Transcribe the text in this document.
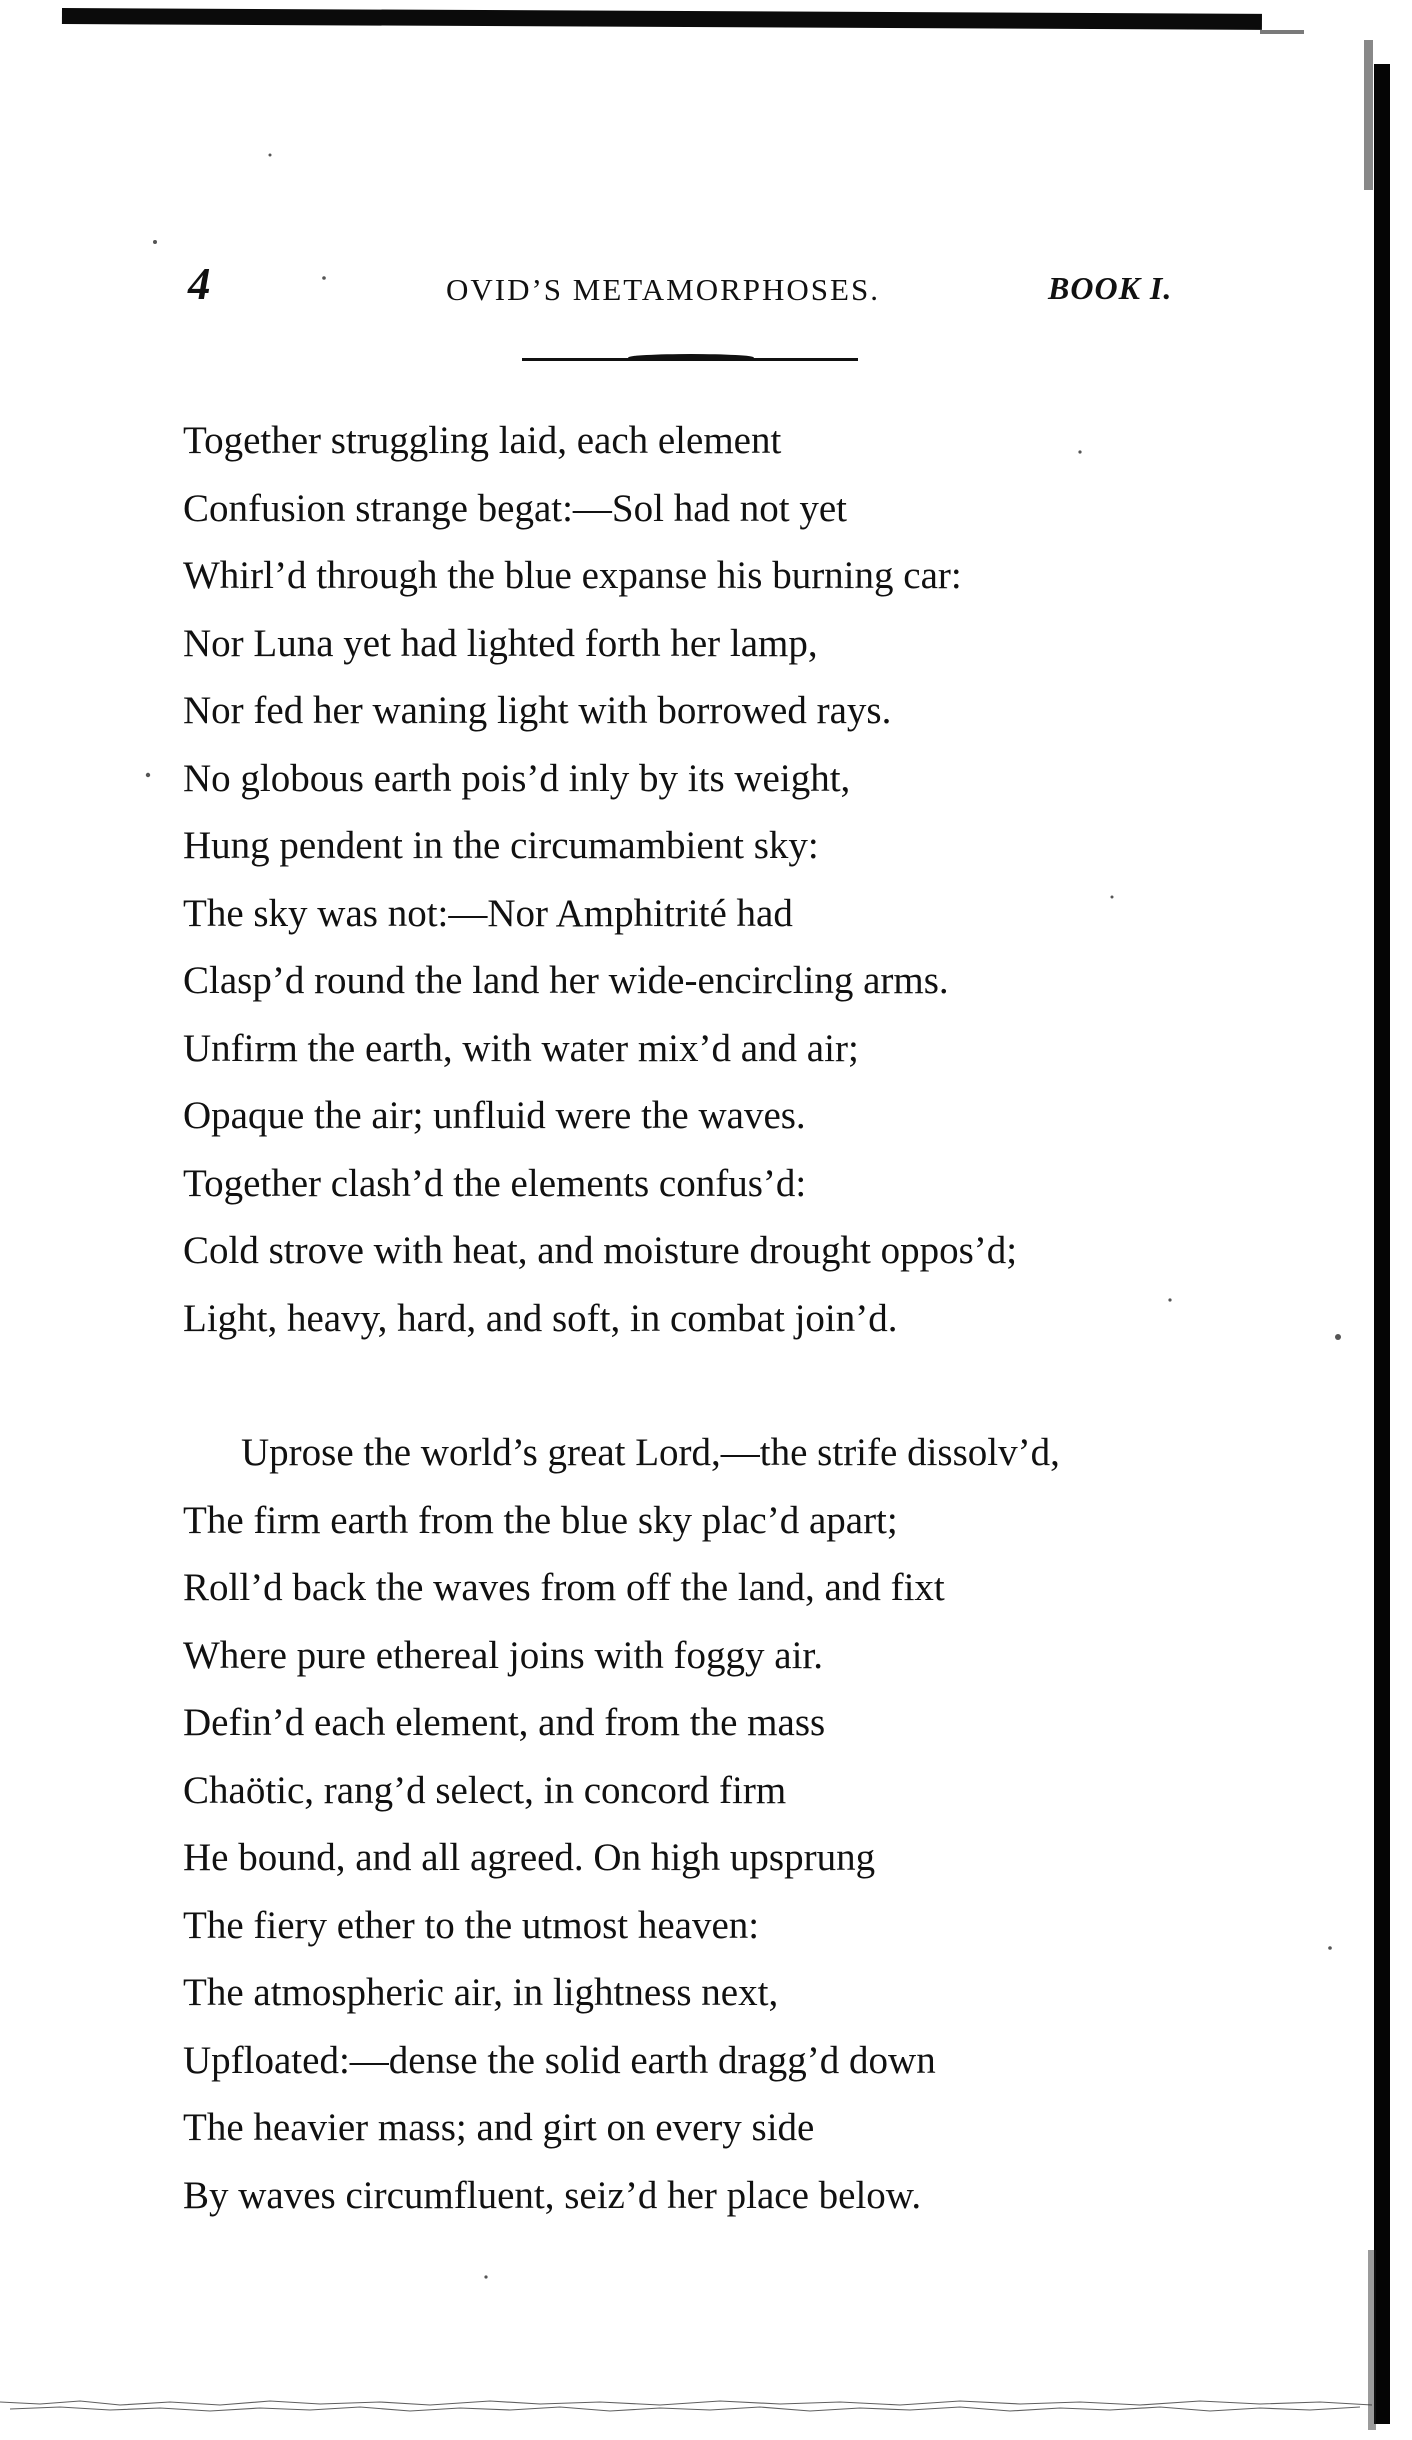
4	OVID’S METAMORPHOSES.	BOOK I.
Together struggling laid, each element
Confusion strange begat:—Sol had not yet
Whirl’d through the blue expanse his burning car:
Nor Luna yet had lighted forth her lamp,
Nor fed her waning light with borrowed rays.
No globous earth pois’d inly by its weight,
Hung pendent in the circumambient sky:
The sky was not:—Nor Amphitrité had
Clasp’d round the land her wide-encircling arms.
Unfirm the earth, with water mix’d and air;
Opaque the air; unfluid were the waves.
Together clash’d the elements confus’d:
Cold strove with heat, and moisture drought oppos’d;
Light, heavy, hard, and soft, in combat join’d.
Uprose the world’s great Lord,—the strife dissolv’d,
The firm earth from the blue sky plac’d apart;
Roll’d back the waves from off the land, and fixt
Where pure ethereal joins with foggy air.
Defin’d each element, and from the mass
Chaötic, rang’d select, in concord firm
He bound, and all agreed. On high upsprung
The fiery ether to the utmost heaven:
The atmospheric air, in lightness next,
Upfloated:—dense the solid earth dragg’d down
The heavier mass; and girt on every side
By waves circumfluent, seiz’d her place below.
